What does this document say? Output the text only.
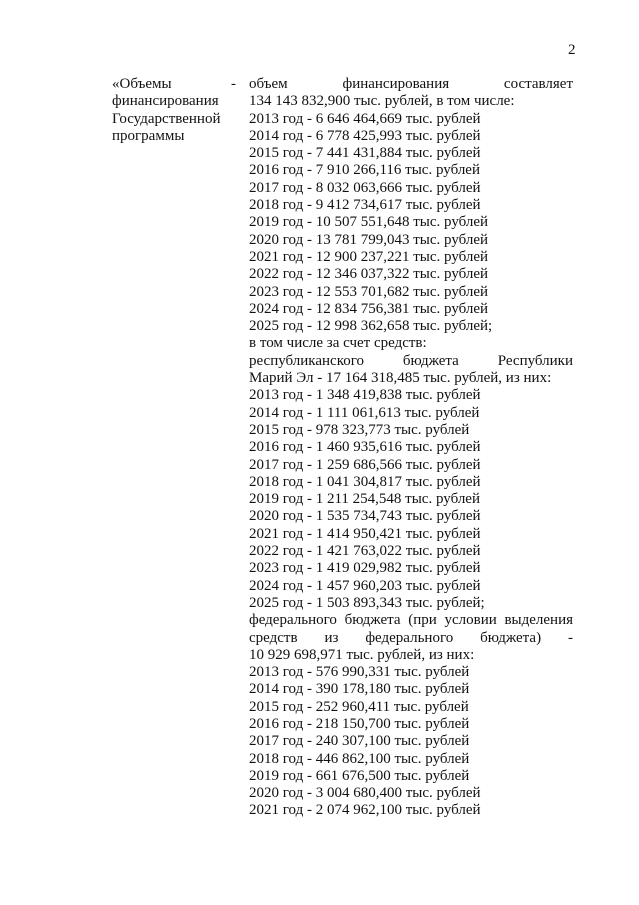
2
«Объемы
финансирования
Государственной
программы
- объем финансирования составляет
134 143 832,900 тыс. рублей, в том числе:
2013 год - 6 646 464,669 тыс. рублей
2014 год - 6 778 425,993 тыс. рублей
2015 год - 7 441 431,884 тыс. рублей
2016 год - 7 910 266,116 тыс. рублей
2017 год - 8 032 063,666 тыс. рублей
2018 год - 9 412 734,617 тыс. рублей
2019 год - 10 507 551,648 тыс. рублей
2020 год - 13 781 799,043 тыс. рублей
2021 год - 12 900 237,221 тыс. рублей
2022 год - 12 346 037,322 тыс. рублей
2023 год - 12 553 701,682 тыс. рублей
2024 год - 12 834 756,381 тыс. рублей
2025 год - 12 998 362,658 тыс. рублей;
в том числе за счет средств:
республиканского бюджета Республики
Марий Эл - 17 164 318,485 тыс. рублей, из них:
2013 год - 1 348 419,838 тыс. рублей
2014 год - 1 111 061,613 тыс. рублей
2015 год - 978 323,773 тыс. рублей
2016 год - 1 460 935,616 тыс. рублей
2017 год - 1 259 686,566 тыс. рублей
2018 год - 1 041 304,817 тыс. рублей
2019 год - 1 211 254,548 тыс. рублей
2020 год - 1 535 734,743 тыс. рублей
2021 год - 1 414 950,421 тыс. рублей
2022 год - 1 421 763,022 тыс. рублей
2023 год - 1 419 029,982 тыс. рублей
2024 год - 1 457 960,203 тыс. рублей
2025 год - 1 503 893,343 тыс. рублей;
федерального бюджета (при условии выделения
средств из федерального бюджета) -
10 929 698,971 тыс. рублей, из них:
2013 год - 576 990,331 тыс. рублей
2014 год - 390 178,180 тыс. рублей
2015 год - 252 960,411 тыс. рублей
2016 год - 218 150,700 тыс. рублей
2017 год - 240 307,100 тыс. рублей
2018 год - 446 862,100 тыс. рублей
2019 год - 661 676,500 тыс. рублей
2020 год - 3 004 680,400 тыс. рублей
2021 год - 2 074 962,100 тыс. рублей
